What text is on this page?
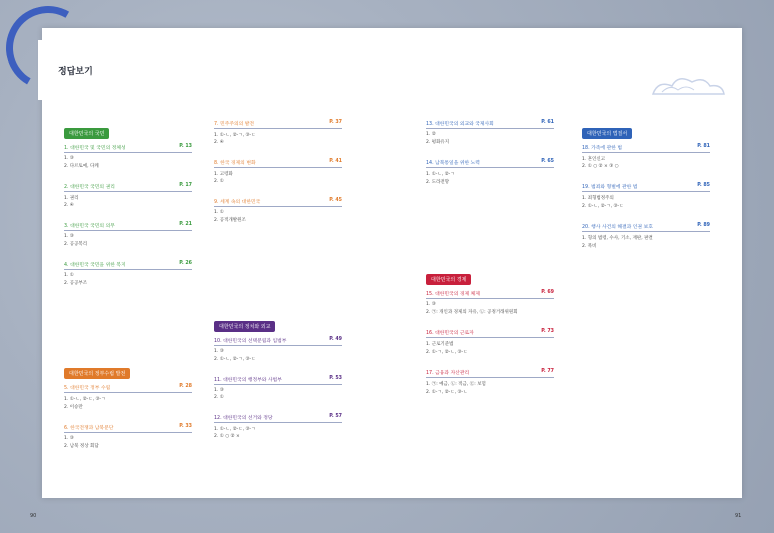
정답보기
대한민국의 국민
1. 대한민국 및 국민의 정체성	P. 13
1. ③
2. 다르토예, 다케
2. 대한민국 국민의 권리	P. 17
1. 권리
2. ④
3. 대한민국 국민의 의무	P. 21
1. ③
2. 공공복리
4. 대한민국 국민을 위한 복지	P. 26
1. ①
2. 공공부조
대한민국의 정부수립 발전
5. 대한민국 정부 수립	P. 28
1. ①-ㄴ, ②-ㄷ, ③-ㄱ
2. 이승만
6. 한국전쟁과 남북분단	P. 33
1. ③
2. 남북 정상 회담
7. 민주주의의 발전	P. 37
1. ①-ㄴ, ②-ㄱ, ③-ㄷ
2. ④
8. 한국 경제의 변화	P. 41
1. 고령화
2. ①
9. 세계 속의 대한민국	P. 45
1. ①
2. 공적개발원조
대한민국의 정치와 외교
10. 대한민국의 선택분립과 입법부	P. 49
1. ③
2. ①-ㄴ, ②-ㄱ, ③-ㄷ
11. 대한민국의 행정부와 사법부	P. 53
1. ③
2. ①
12. 대한민국의 선거와 정당	P. 57
1. ①-ㄴ, ②-ㄷ, ③-ㄱ
2. ① ○ ② ×
13. 대한민국의 외교와 국제사회	P. 61
1. ②
2. 평화유지
14. 남북통일을 위한 노력	P. 65
1. ①-ㄴ, ②-ㄱ
2. 도라전망
대한민국의 경제
15. 대한민국의 경제 체제	P. 69
1. ③
2. ㉠: 개인과 경제의 자유, ㉡: 공정거래위원회
16. 대한민국의 근로자	P. 73
1. 근로기준법
2. ①-ㄱ, ②-ㄴ, ③-ㄷ
17. 금융과 자산관리	P. 77
1. ㉠: 예금, ㉡: 적금, ㉢: 보험
2. ①-ㄱ, ②-ㄷ, ③-ㄴ
대한민국의 법질서
18. 가족에 관한 법	P. 81
1. 혼인신고
2. ① ○ ② × ③ ○
19. 범죄와 형벌에 관한 법	P. 85
1. 죄형법정주의
2. ①-ㄴ, ②-ㄱ, ③-ㄷ
20. 행사 사건의 해결과 인권 보호	P. 89
1. 형의 법령, 수사, 기소, 재판, 판결
2. 묵비
90	91
